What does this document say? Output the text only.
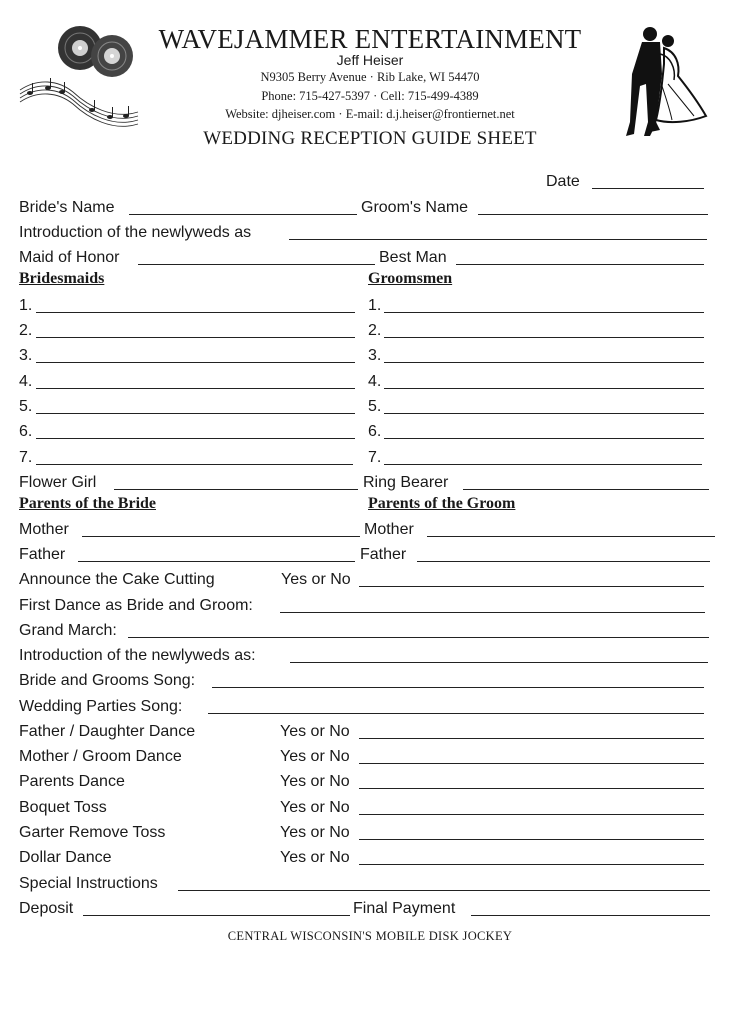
WAVEJAMMER ENTERTAINMENT
Jeff Heiser
N9305 Berry Avenue · Rib Lake, WI 54470
Phone: 715-427-5397 · Cell: 715-499-4389
Website: djheiser.com · E-mail: d.j.heiser@frontiernet.net
WEDDING RECEPTION GUIDE SHEET
Date
Bride's Name	Groom's Name
Introduction of the newlyweds as
Maid of Honor	Best Man
Bridesmaids	Groomsmen
1.	1.
2.	2.
3.	3.
4.	4.
5.	5.
6.	6.
7.	7.
Flower Girl	Ring Bearer
Parents of the Bride	Parents of the Groom
Mother	Mother
Father	Father
Announce the Cake Cutting	Yes or No
First Dance as Bride and Groom:
Grand March:
Introduction of the newlyweds as:
Bride and Grooms Song:
Wedding Parties Song:
Father / Daughter Dance	Yes or No
Mother / Groom Dance	Yes or No
Parents Dance	Yes or No
Boquet Toss	Yes or No
Garter Remove Toss	Yes or No
Dollar Dance	Yes or No
Special Instructions
Deposit	Final Payment
CENTRAL WISCONSIN'S MOBILE DISK JOCKEY
